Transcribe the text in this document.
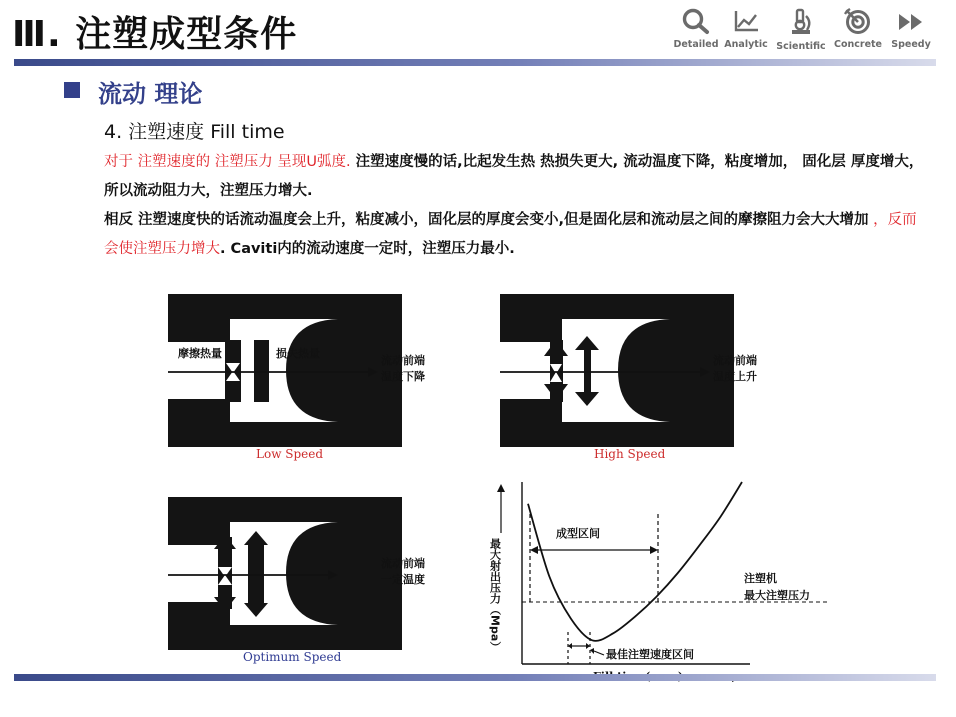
Ⅲ. 注塑成型条件	Detailed Analytic Scientific Concrete Speedy
流动 理论
4. 注塑速度 Fill time
对于 注塑速度的 注塑压力 呈现U弧度. 注塑速度慢的话,比起发生热 热损失更大, 流动温度下降，粘度增加， 固化层 厚度增大，所以流动阻力大，注塑压力增大.
相反 注塑速度快的话流动温度会上升，粘度减小，固化层的厚度会变小,但是固化层和流动层之间的摩擦阻力会大大增加 ，反而会使注塑压力增大. Caviti内的流动速度一定时，注塑压力最小.
摩擦热量	损失热量
流动前端
温度下降
Low Speed
流动前端
温度上升
High Speed
流动前端
一定温度
Optimum Speed
最大射出压力（Mpa）
成型区间
最佳注塑速度区间
注塑机
最大注塑压力
